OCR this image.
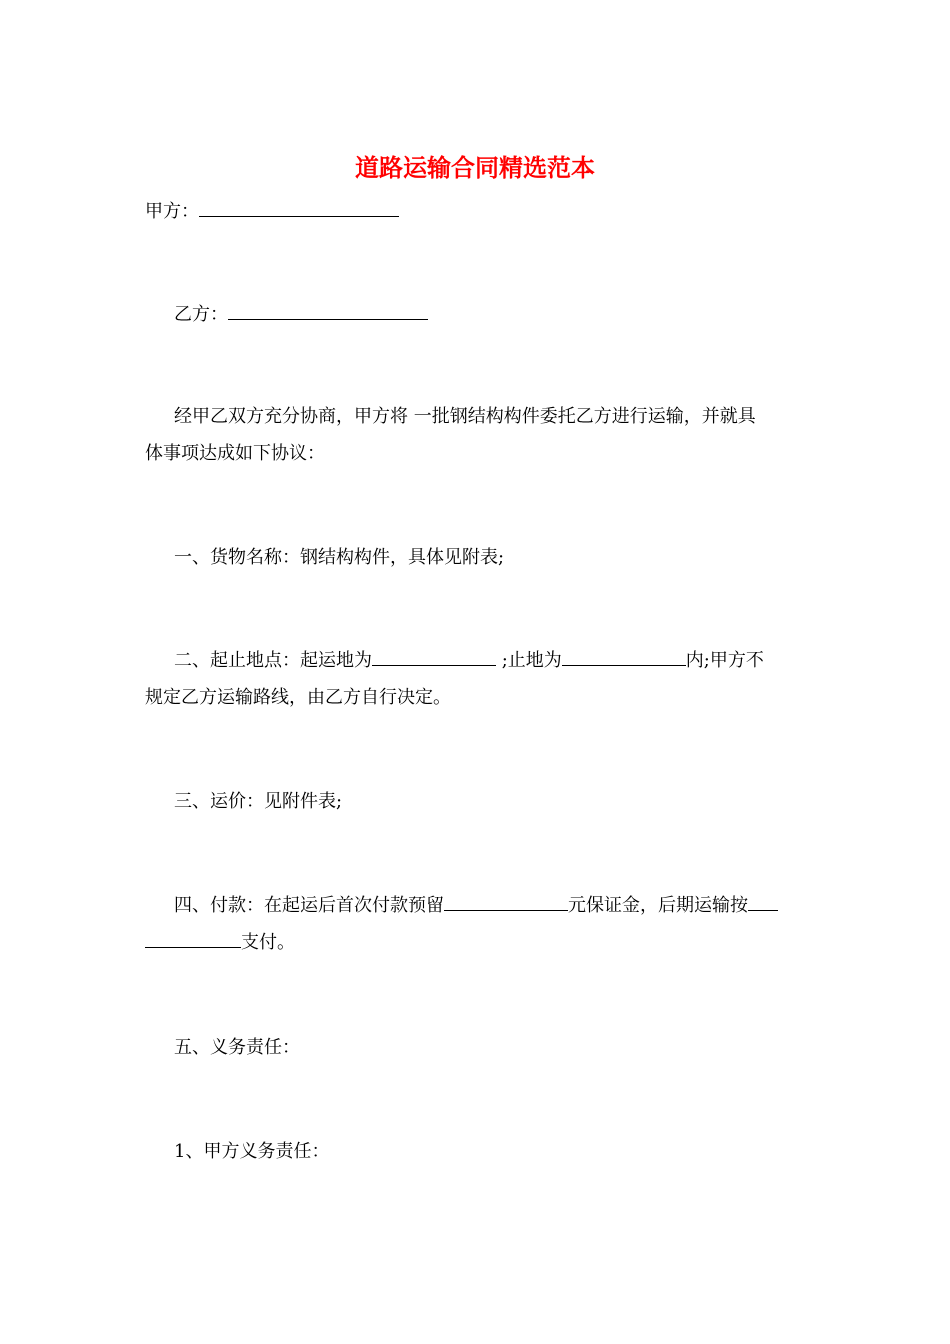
道路运输合同精选范本
甲方：
乙方：
经甲乙双方充分协商，甲方将 一批钢结构构件委托乙方进行运输，并就具
体事项达成如下协议：
一、货物名称：钢结构构件，具体见附表;
二、起止地点：起运地为	;止地为	内;甲方不
规定乙方运输路线，由乙方自行决定。
三、运价：见附件表;
四、付款：在起运后首次付款预留	元保证金，后期运输按
支付。
五、义务责任：
1、甲方义务责任：
